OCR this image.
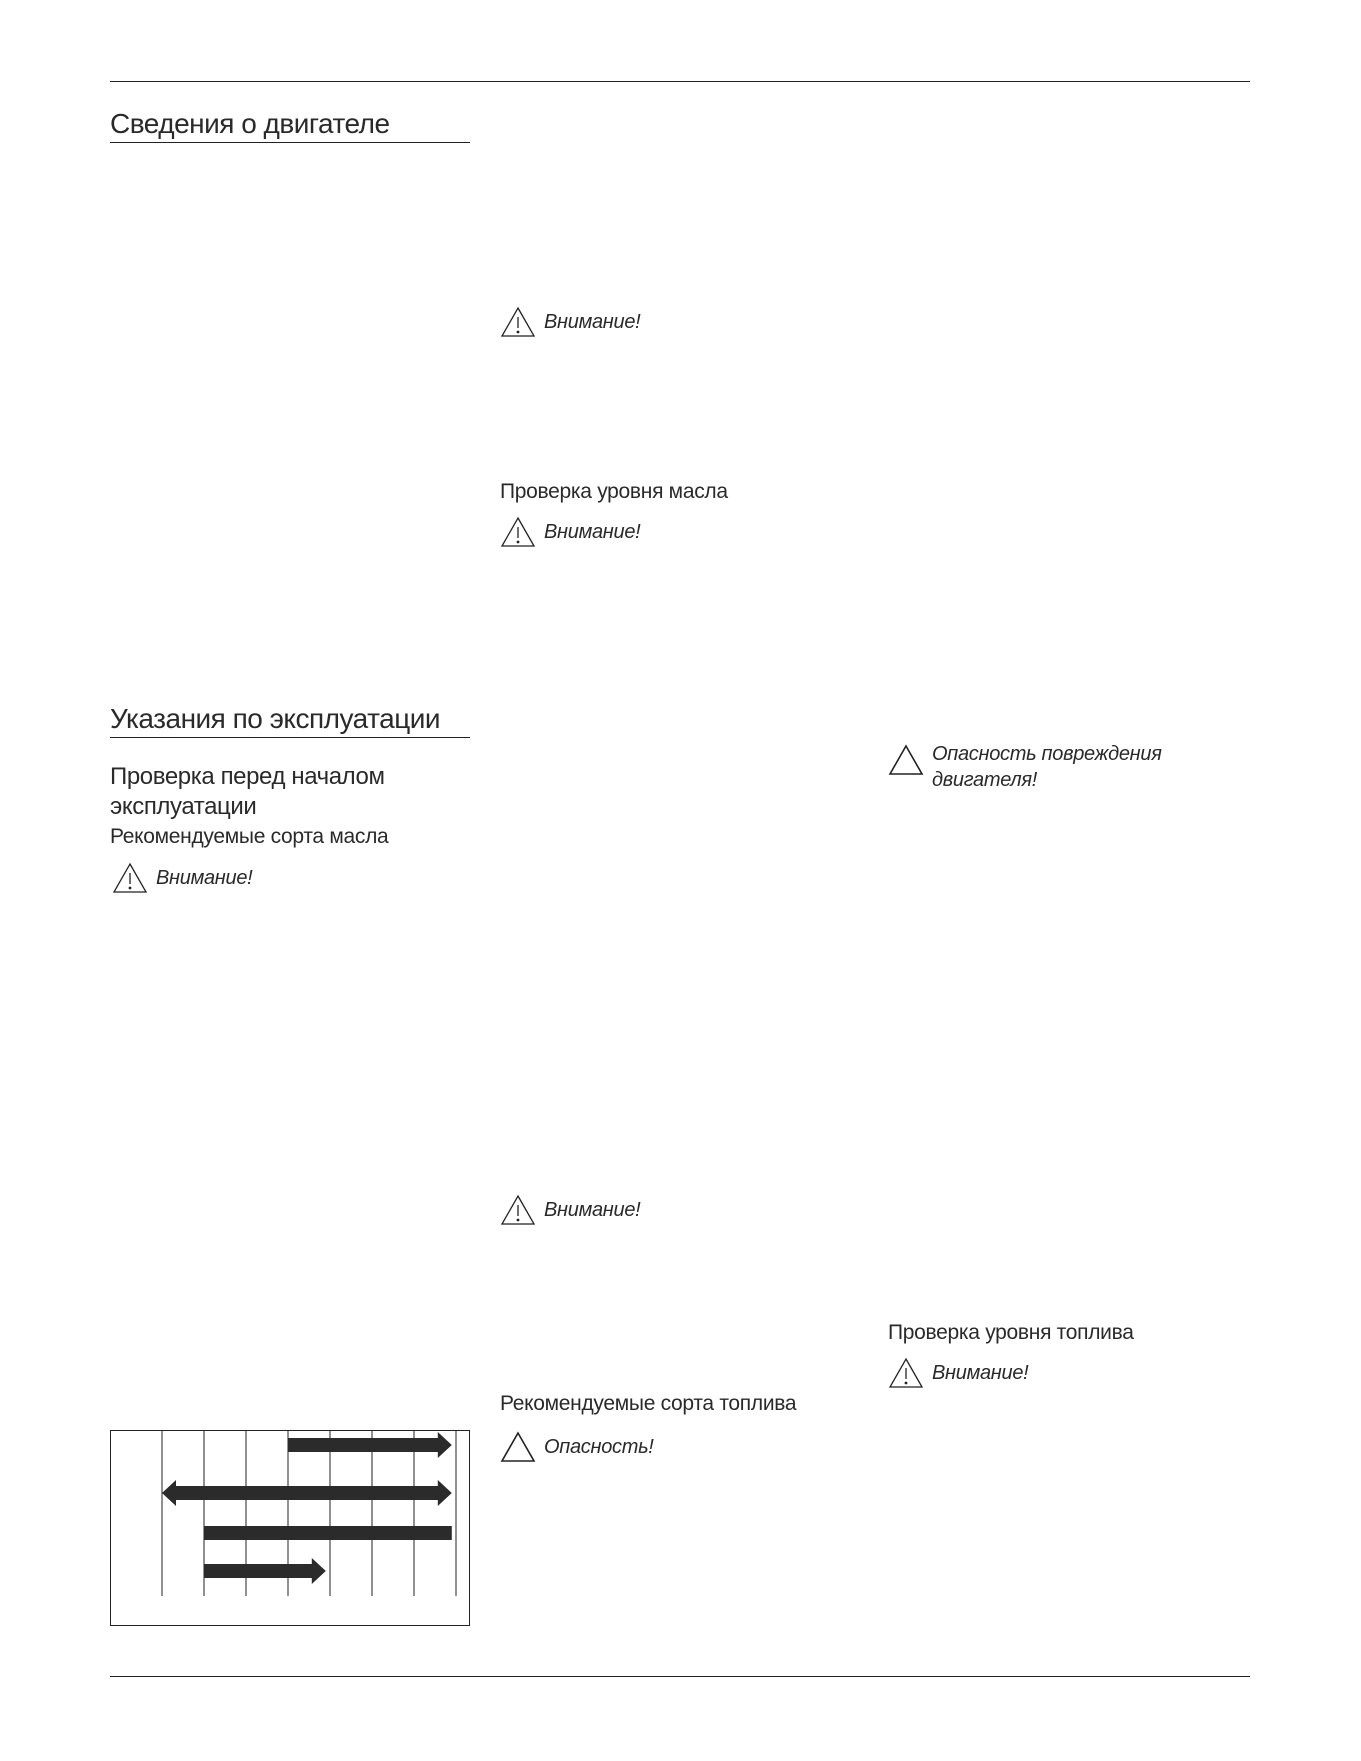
Сведения о двигателе
Указания по эксплуатации
Проверка перед началом эксплуатации
Рекомендуемые сорта масла
Внимание!
Внимание!
Проверка уровня масла
Внимание!
Внимание!
Рекомендуемые сорта топлива
Опасность!
Опасность повреждения двигателя!
Проверка уровня топлива
Внимание!
